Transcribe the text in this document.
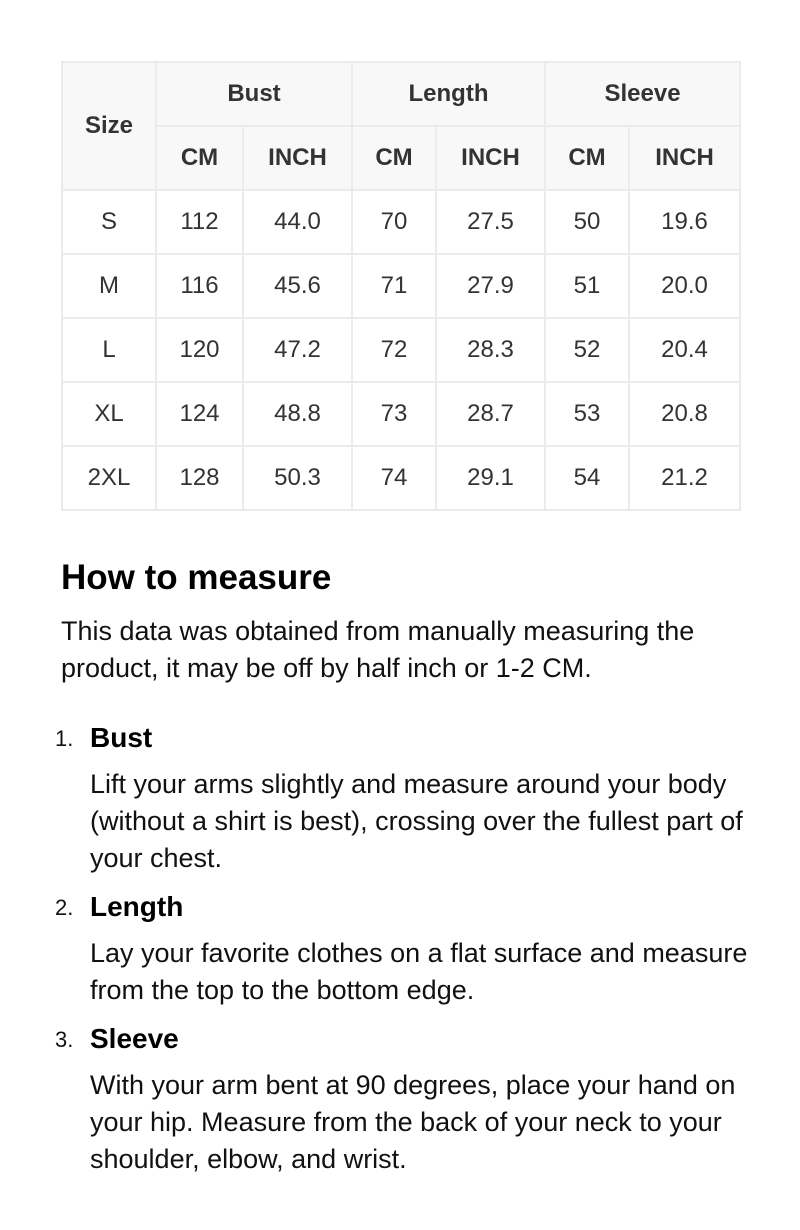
Size	Bust		Length		Sleeve	
	CM	INCH	CM	INCH	CM	INCH
S	112	44.0	70	27.5	50	19.6
M	116	45.6	71	27.9	51	20.0
L	120	47.2	72	28.3	52	20.4
XL	124	48.8	73	28.7	53	20.8
2XL	128	50.3	74	29.1	54	21.2
How to measure

This data was obtained from manually measuring the product, it may be off by half inch or 1-2 CM.

1. Bust
Lift your arms slightly and measure around your body (without a shirt is best), crossing over the fullest part of your chest.
2. Length
Lay your favorite clothes on a flat surface and measure from the top to the bottom edge.
3. Sleeve
With your arm bent at 90 degrees, place your hand on your hip. Measure from the back of your neck to your shoulder, elbow, and wrist.
